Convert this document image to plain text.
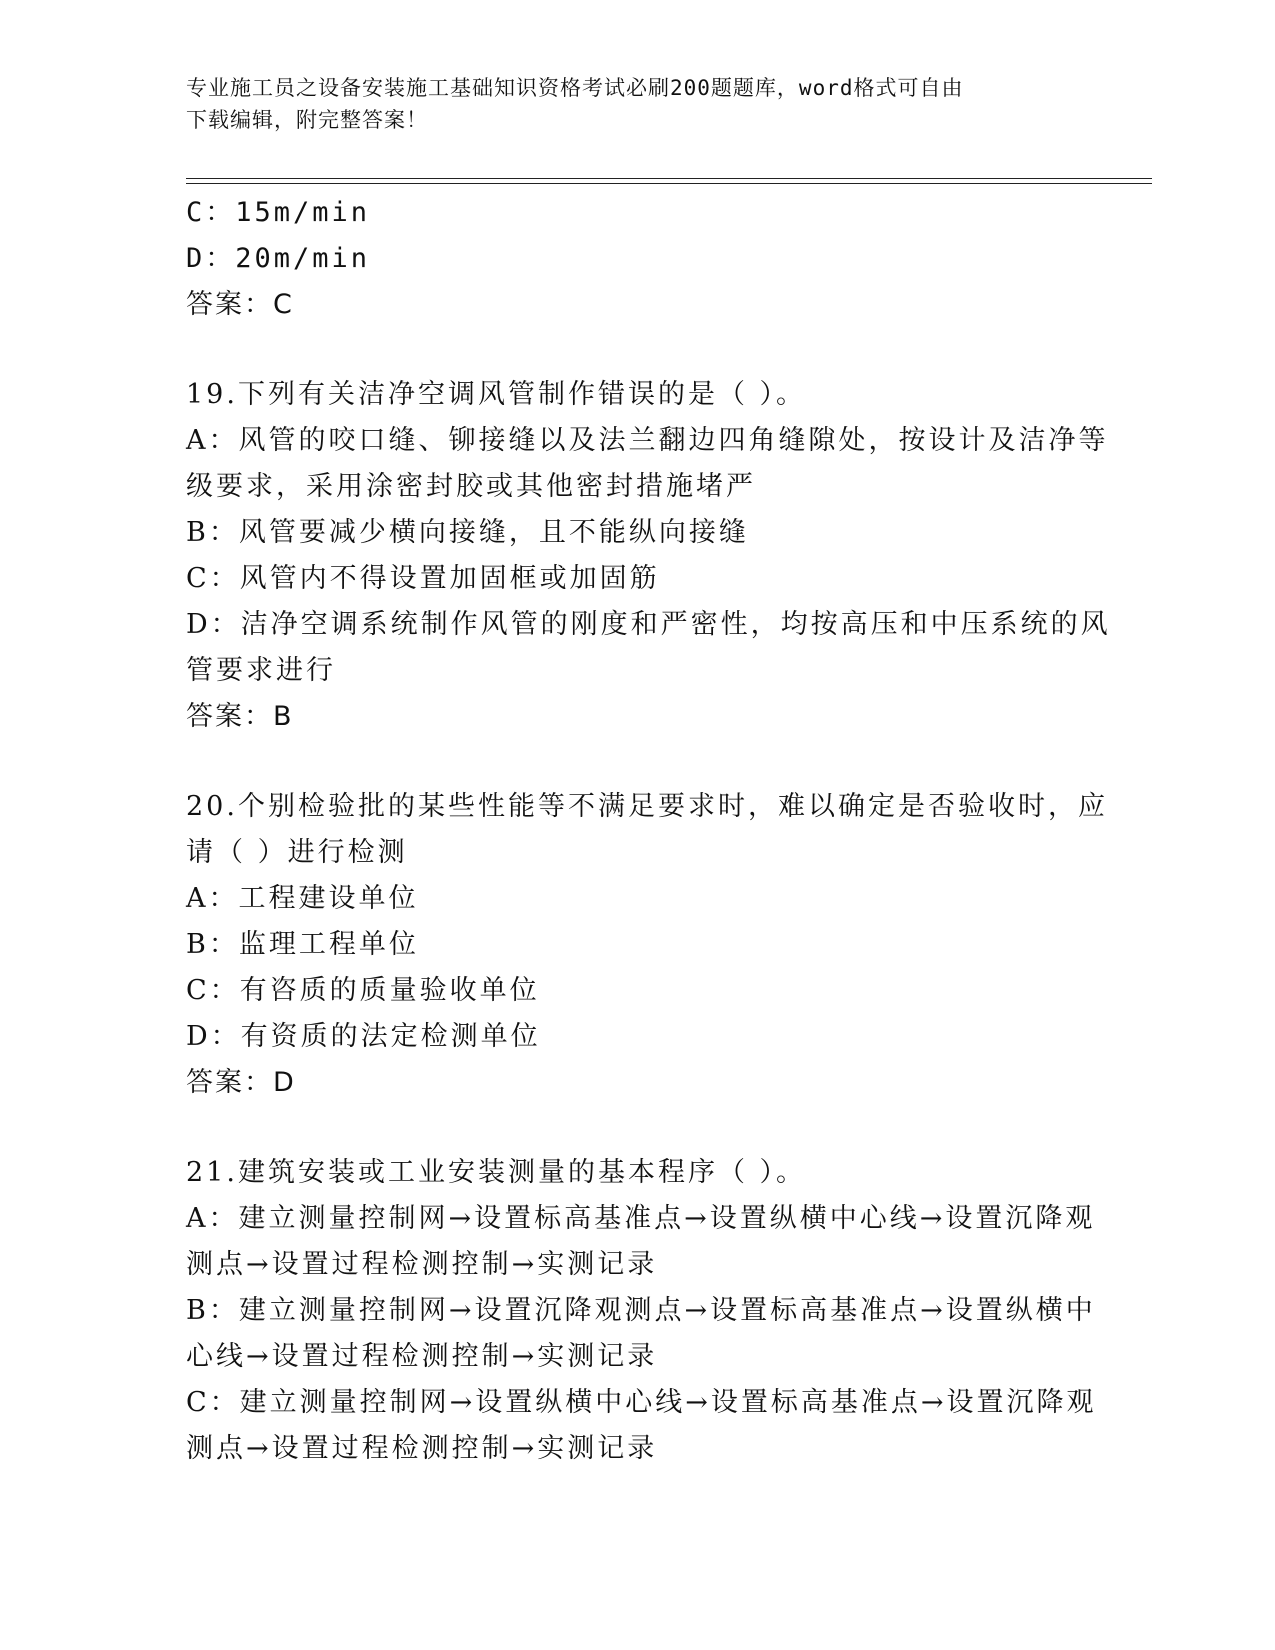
专业施工员之设备安装施工基础知识资格考试必刷200题题库，word格式可自由
下载编辑，附完整答案！
C：15m/min
D：20m/min
答案：C
19.下列有关洁净空调风管制作错误的是（ ）。
A：风管的咬口缝、铆接缝以及法兰翻边四角缝隙处，按设计及洁净等
级要求，采用涂密封胶或其他密封措施堵严
B：风管要减少横向接缝，且不能纵向接缝
C：风管内不得设置加固框或加固筋
D：洁净空调系统制作风管的刚度和严密性，均按高压和中压系统的风
管要求进行
答案：B
20.个别检验批的某些性能等不满足要求时，难以确定是否验收时，应
请（ ）进行检测
A：工程建设单位
B：监理工程单位
C：有咨质的质量验收单位
D：有资质的法定检测单位
答案：D
21.建筑安装或工业安装测量的基本程序（ ）。
A：建立测量控制网→设置标高基准点→设置纵横中心线→设置沉降观
测点→设置过程检测控制→实测记录
B：建立测量控制网→设置沉降观测点→设置标高基准点→设置纵横中
心线→设置过程检测控制→实测记录
C：建立测量控制网→设置纵横中心线→设置标高基准点→设置沉降观
测点→设置过程检测控制→实测记录
